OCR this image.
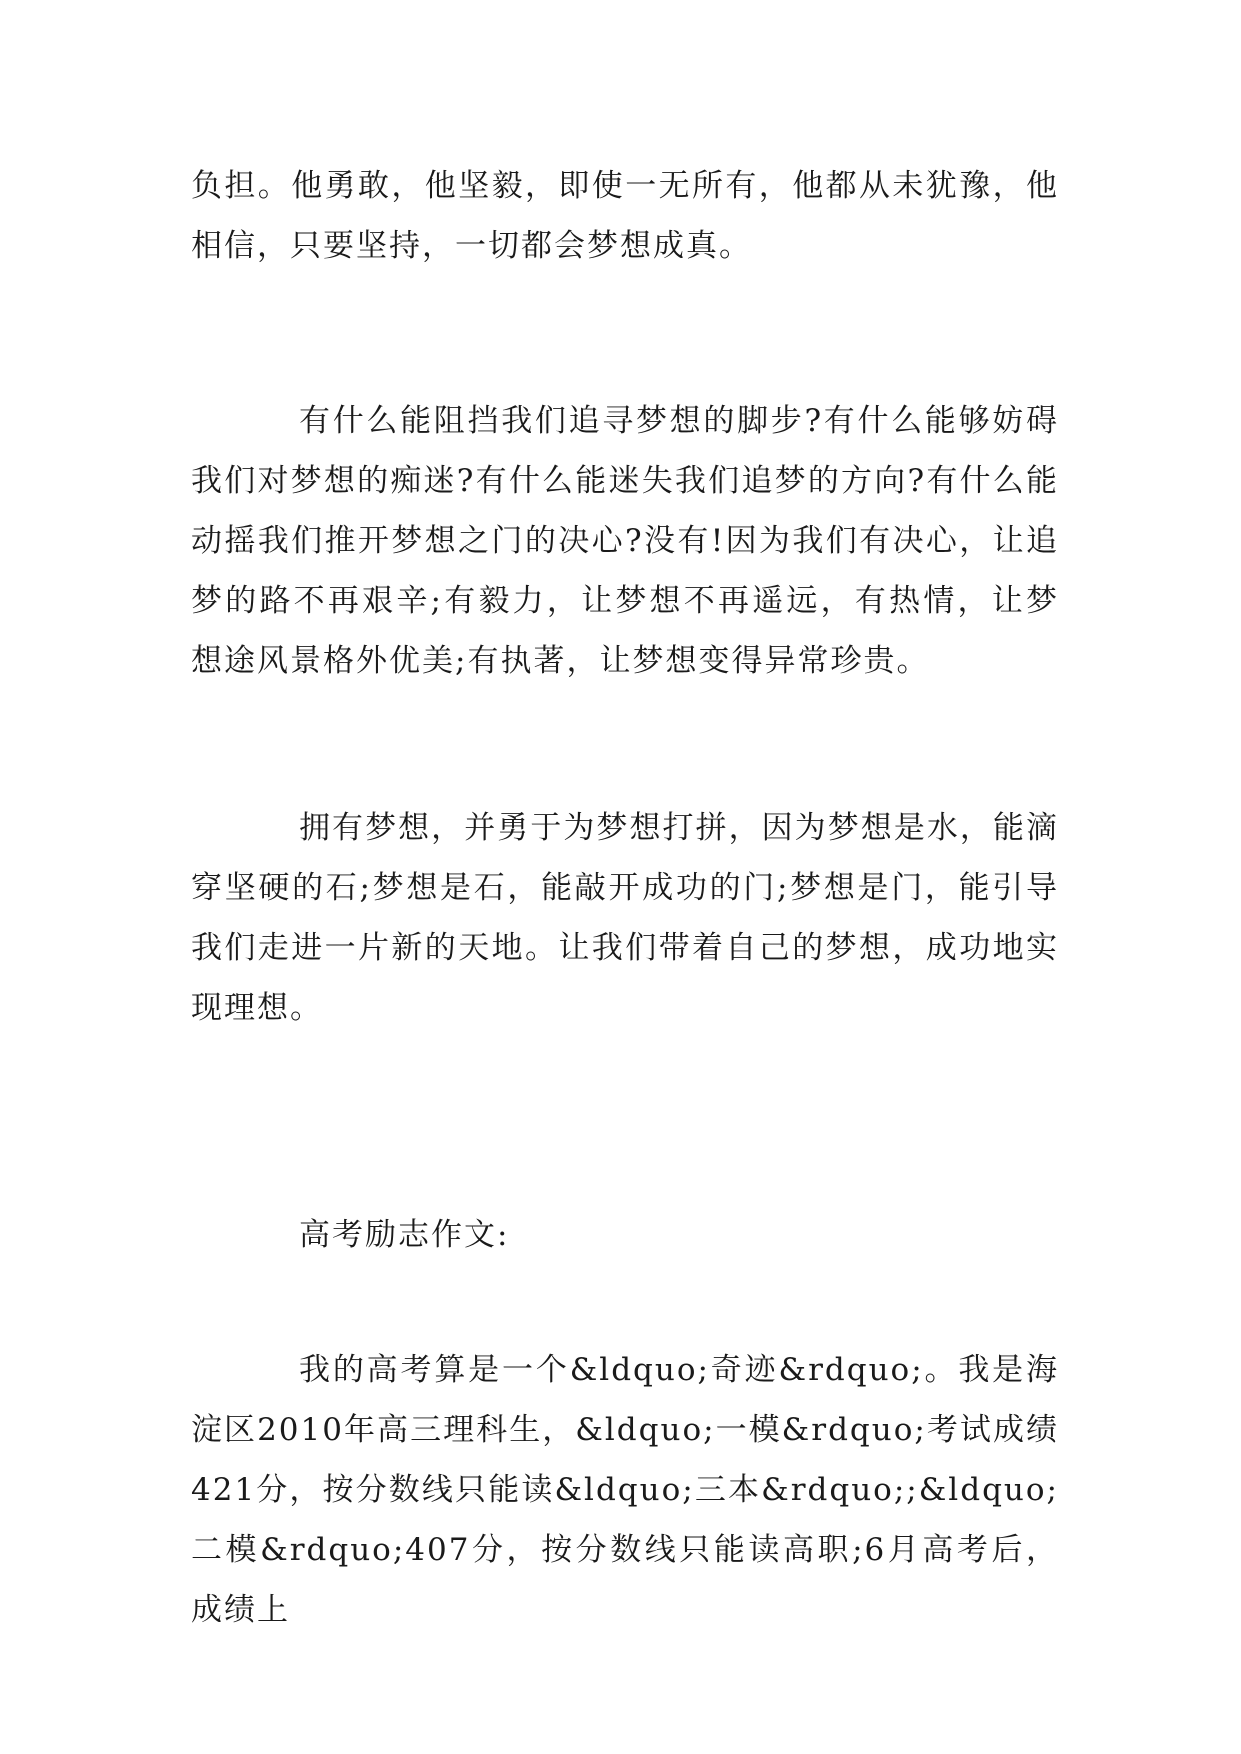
负担。他勇敢，他坚毅，即使一无所有，他都从未犹豫，他相信，只要坚持，一切都会梦想成真。

有什么能阻挡我们追寻梦想的脚步?有什么能够妨碍我们对梦想的痴迷?有什么能迷失我们追梦的方向?有什么能动摇我们推开梦想之门的决心?没有!因为我们有决心，让追梦的路不再艰辛;有毅力，让梦想不再遥远，有热情，让梦想途风景格外优美;有执著，让梦想变得异常珍贵。

拥有梦想，并勇于为梦想打拼，因为梦想是水，能滴穿坚硬的石;梦想是石，能敲开成功的门;梦想是门，能引导我们走进一片新的天地。让我们带着自己的梦想，成功地实现理想。

高考励志作文:

我的高考算是一个&ldquo;奇迹&rdquo;。我是海淀区2010年高三理科生，&ldquo;一模&rdquo;考试成绩421分，按分数线只能读&ldquo;三本&rdquo;;&ldquo;二模&rdquo;407分，按分数线只能读高职;6月高考后，成绩上
